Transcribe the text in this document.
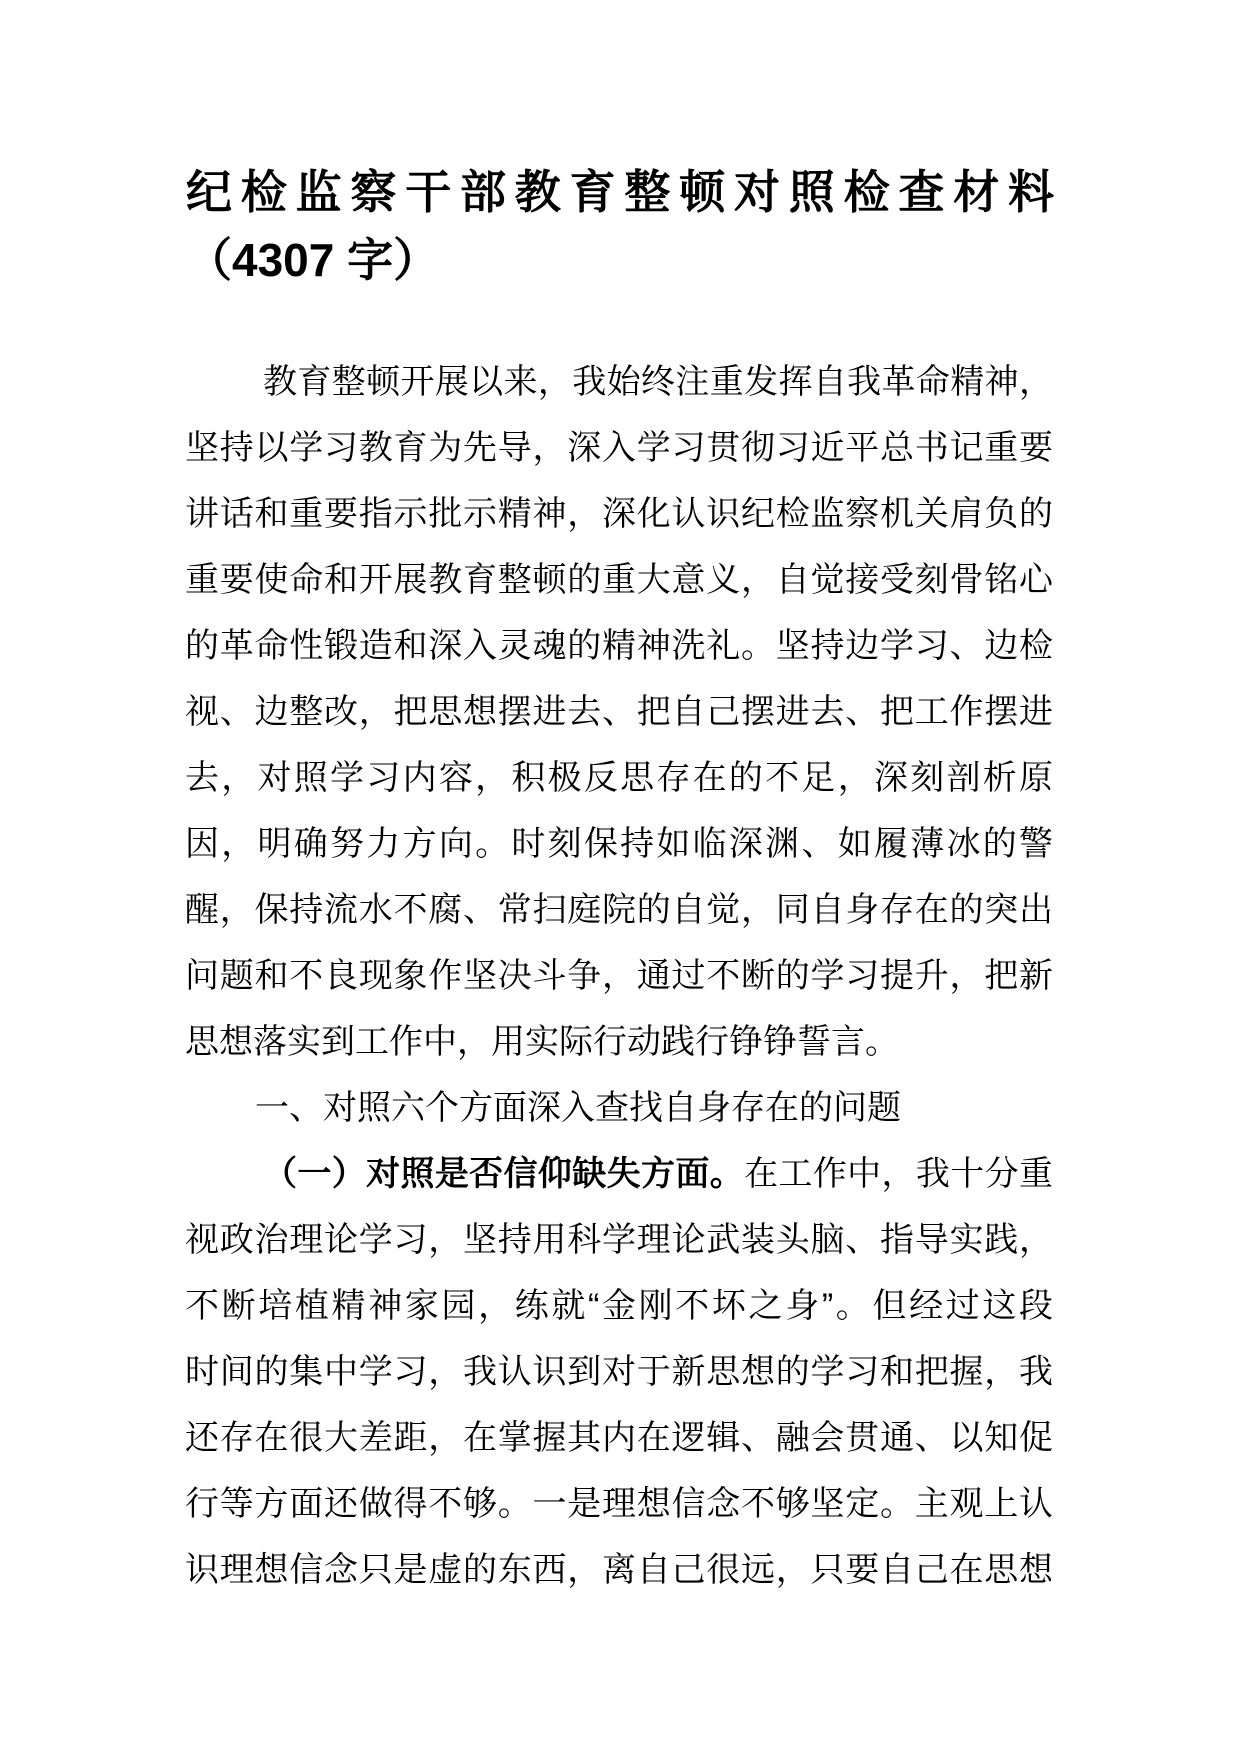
纪检监察干部教育整顿对照检查材料
（4307 字）
教育整顿开展以来，我始终注重发挥自我革命精神，
坚持以学习教育为先导，深入学习贯彻习近平总书记重要
讲话和重要指示批示精神，深化认识纪检监察机关肩负的
重要使命和开展教育整顿的重大意义，自觉接受刻骨铭心
的革命性锻造和深入灵魂的精神洗礼。坚持边学习、边检
视、边整改，把思想摆进去、把自己摆进去、把工作摆进
去，对照学习内容，积极反思存在的不足，深刻剖析原
因，明确努力方向。时刻保持如临深渊、如履薄冰的警
醒，保持流水不腐、常扫庭院的自觉，同自身存在的突出
问题和不良现象作坚决斗争，通过不断的学习提升，把新
思想落实到工作中，用实际行动践行铮铮誓言。
一、对照六个方面深入查找自身存在的问题
（一）对照是否信仰缺失方面。在工作中，我十分重
视政治理论学习，坚持用科学理论武装头脑、指导实践，
不断培植精神家园，练就“金刚不坏之身”。但经过这段
时间的集中学习，我认识到对于新思想的学习和把握，我
还存在很大差距，在掌握其内在逻辑、融会贯通、以知促
行等方面还做得不够。一是理想信念不够坚定。主观上认
识理想信念只是虚的东西，离自己很远，只要自己在思想
